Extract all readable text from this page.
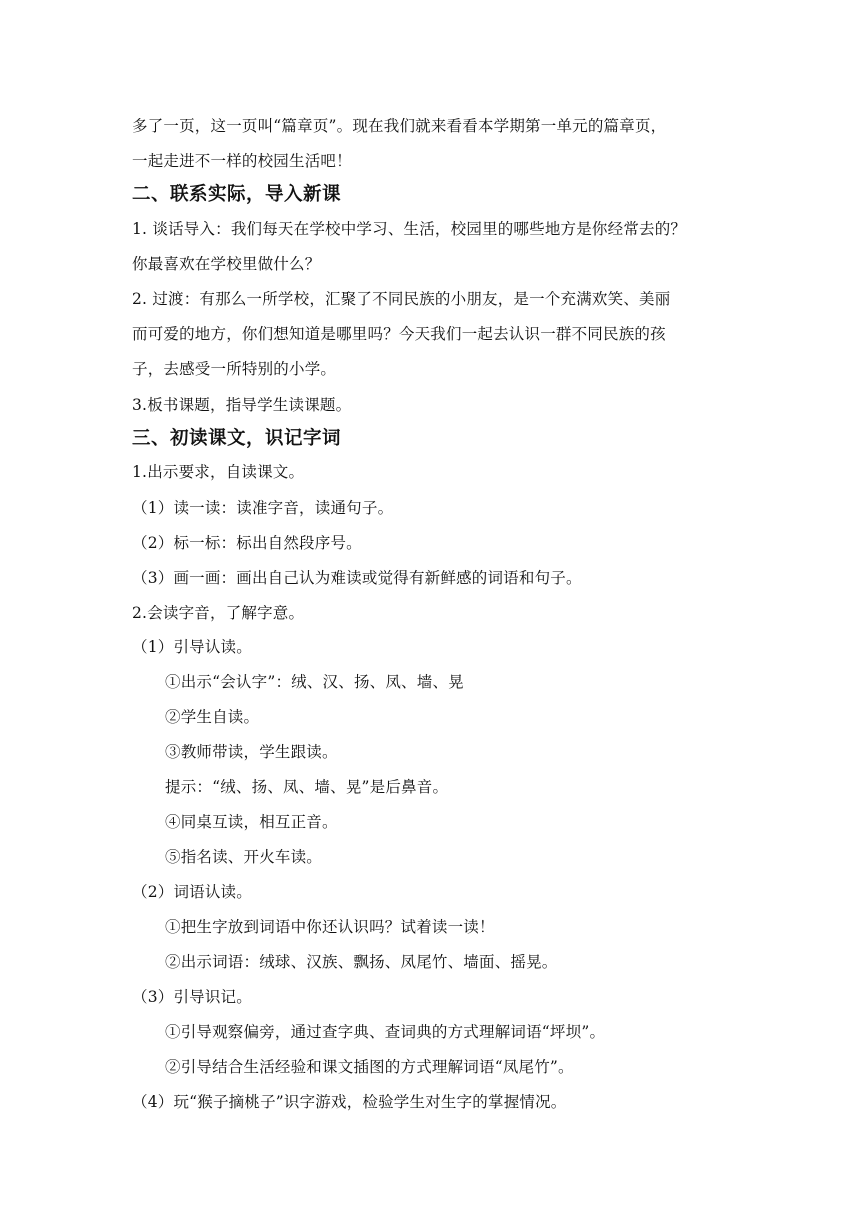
多了一页，这一页叫“篇章页”。现在我们就来看看本学期第一单元的篇章页，
一起走进不一样的校园生活吧！
二、联系实际，导入新课
1. 谈话导入：我们每天在学校中学习、生活，校园里的哪些地方是你经常去的？
你最喜欢在学校里做什么？
2. 过渡：有那么一所学校，汇聚了不同民族的小朋友，是一个充满欢笑、美丽
而可爱的地方，你们想知道是哪里吗？今天我们一起去认识一群不同民族的孩
子，去感受一所特别的小学。
3.板书课题，指导学生读课题。
三、初读课文，识记字词
1.出示要求，自读课文。
（1）读一读：读准字音，读通句子。
（2）标一标：标出自然段序号。
（3）画一画：画出自己认为难读或觉得有新鲜感的词语和句子。
2.会读字音，了解字意。
（1）引导认读。
①出示“会认字”：绒、汉、扬、凤、墙、晃
②学生自读。
③教师带读，学生跟读。
提示：“绒、扬、凤、墙、晃”是后鼻音。
④同桌互读，相互正音。
⑤指名读、开火车读。
（2）词语认读。
①把生字放到词语中你还认识吗？试着读一读！
②出示词语：绒球、汉族、飘扬、凤尾竹、墙面、摇晃。
（3）引导识记。
①引导观察偏旁，通过查字典、查词典的方式理解词语“坪坝”。
②引导结合生活经验和课文插图的方式理解词语“凤尾竹”。
（4）玩“猴子摘桃子”识字游戏，检验学生对生字的掌握情况。
